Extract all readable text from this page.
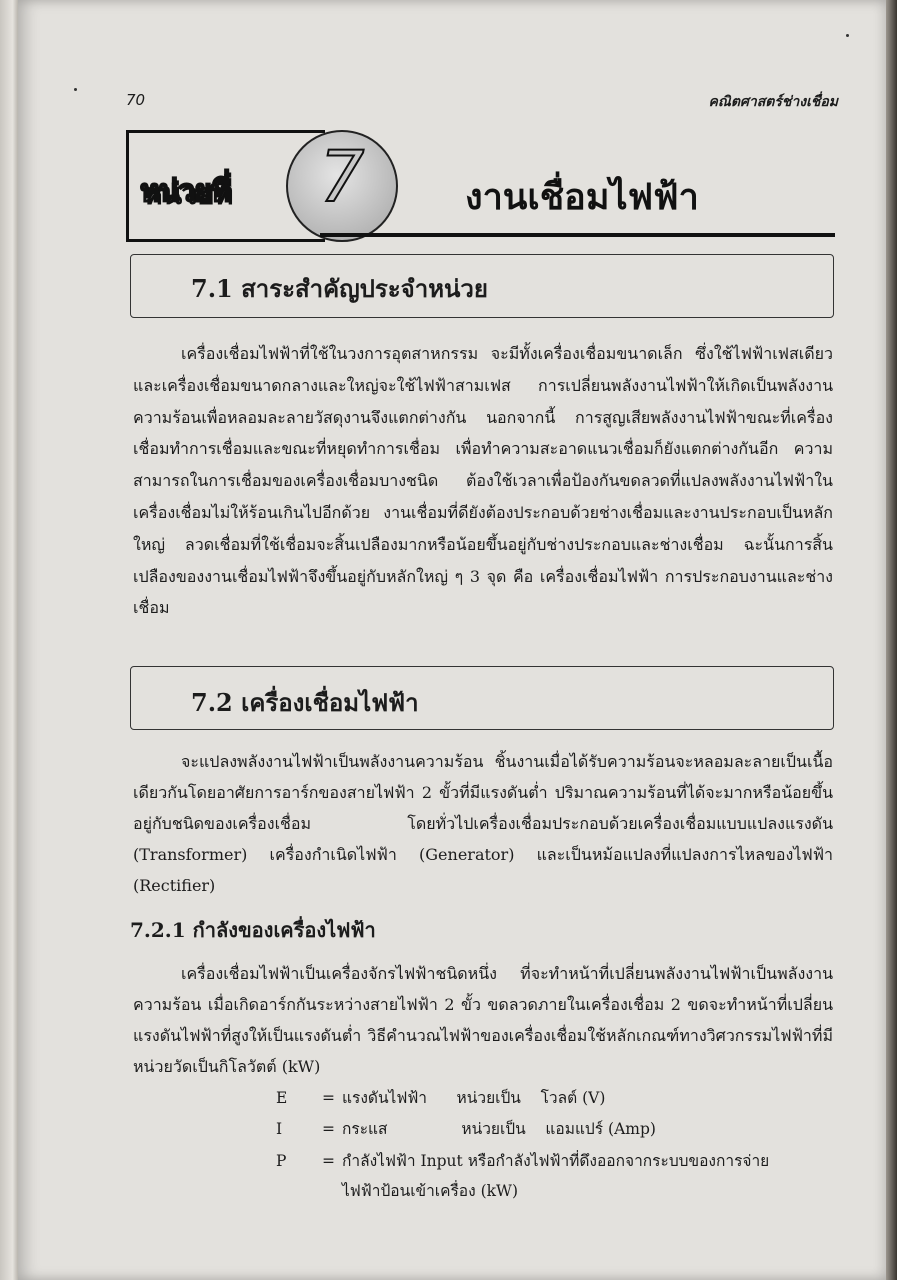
70	คณิตศาสตร์ช่างเชื่อม
หน่วยที่	7	งานเชื่อมไฟฟ้า
7.1 สาระสำคัญประจำหน่วย
เครื่องเชื่อมไฟฟ้าที่ใช้ในวงการอุตสาหกรรม จะมีทั้งเครื่องเชื่อมขนาดเล็ก ซึ่งใช้ไฟฟ้าเฟสเดียว และเครื่องเชื่อมขนาดกลางและใหญ่จะใช้ไฟฟ้าสามเฟส การเปลี่ยนพลังงานไฟฟ้าให้เกิดเป็นพลังงานความร้อนเพื่อหลอมละลายวัสดุงานจึงแตกต่างกัน นอกจากนี้ การสูญเสียพลังงานไฟฟ้าขณะที่เครื่องเชื่อมทำการเชื่อมและขณะที่หยุดทำการเชื่อม เพื่อทำความสะอาดแนวเชื่อมก็ยังแตกต่างกันอีก ความสามารถในการเชื่อมของเครื่องเชื่อมบางชนิด ต้องใช้เวลาเพื่อป้องกันขดลวดที่แปลงพลังงานไฟฟ้าในเครื่องเชื่อมไม่ให้ร้อนเกินไปอีกด้วย งานเชื่อมที่ดียังต้องประกอบด้วยช่างเชื่อมและงานประกอบเป็นหลักใหญ่ ลวดเชื่อมที่ใช้เชื่อมจะสิ้นเปลืองมากหรือน้อยขึ้นอยู่กับช่างประกอบและช่างเชื่อม ฉะนั้นการสิ้นเปลืองของงานเชื่อมไฟฟ้าจึงขึ้นอยู่กับหลักใหญ่ ๆ 3 จุด คือ เครื่องเชื่อมไฟฟ้า การประกอบงานและช่างเชื่อม
7.2 เครื่องเชื่อมไฟฟ้า
จะแปลงพลังงานไฟฟ้าเป็นพลังงานความร้อน ชิ้นงานเมื่อได้รับความร้อนจะหลอมละลายเป็นเนื้อเดียวกันโดยอาศัยการอาร์กของสายไฟฟ้า 2 ขั้วที่มีแรงดันต่ำ ปริมาณความร้อนที่ได้จะมากหรือน้อยขึ้นอยู่กับชนิดของเครื่องเชื่อม โดยทั่วไปเครื่องเชื่อมประกอบด้วยเครื่องเชื่อมแบบแปลงแรงดัน (Transformer) เครื่องกำเนิดไฟฟ้า (Generator) และเป็นหม้อแปลงที่แปลงการไหลของไฟฟ้า (Rectifier)
7.2.1 กำลังของเครื่องไฟฟ้า
เครื่องเชื่อมไฟฟ้าเป็นเครื่องจักรไฟฟ้าชนิดหนึ่ง ที่จะทำหน้าที่เปลี่ยนพลังงานไฟฟ้าเป็นพลังงานความร้อน เมื่อเกิดอาร์กกันระหว่างสายไฟฟ้า 2 ขั้ว ขดลวดภายในเครื่องเชื่อม 2 ขดจะทำหน้าที่เปลี่ยนแรงดันไฟฟ้าที่สูงให้เป็นแรงดันต่ำ วิธีคำนวณไฟฟ้าของเครื่องเชื่อมใช้หลักเกณฑ์ทางวิศวกรรมไฟฟ้าที่มีหน่วยวัดเป็นกิโลวัตต์ (kW)
E	= แรงดันไฟฟ้า      หน่วยเป็น    โวลต์ (V)
I	= กระแส               หน่วยเป็น    แอมแปร์ (Amp)
P	= กำลังไฟฟ้า Input หรือกำลังไฟฟ้าที่ดึงออกจากระบบของการจ่าย
ไฟฟ้าป้อนเข้าเครื่อง (kW)
